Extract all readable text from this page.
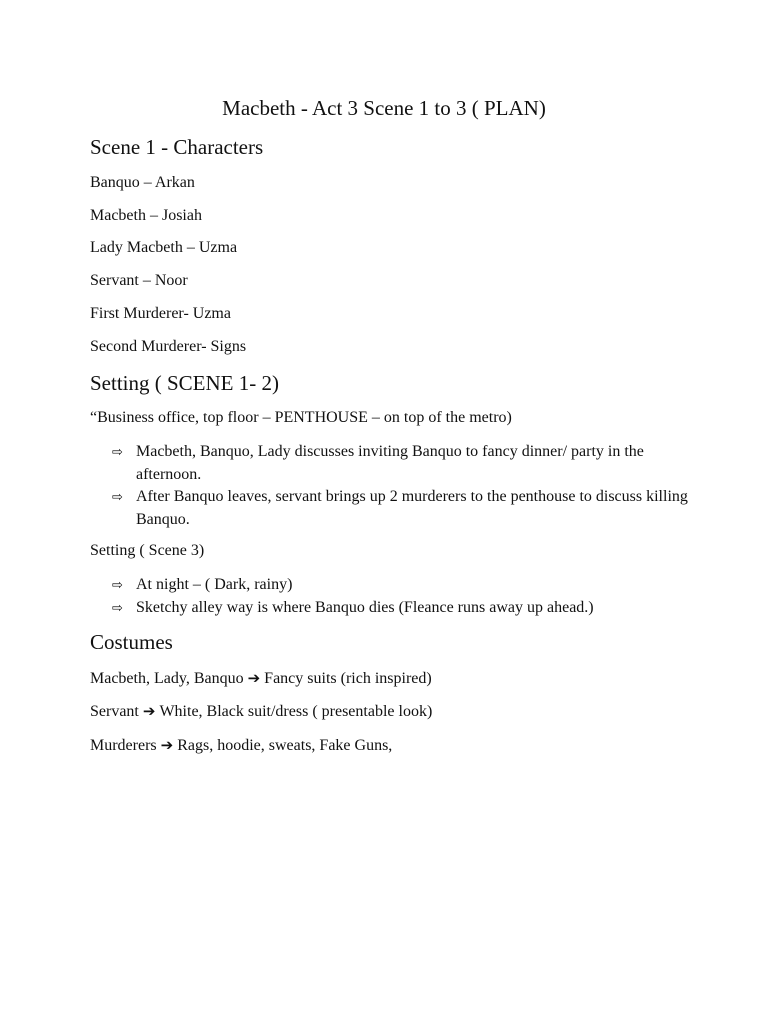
Macbeth - Act 3 Scene 1 to 3 ( PLAN)
Scene 1 - Characters
Banquo – Arkan
Macbeth – Josiah
Lady Macbeth – Uzma
Servant – Noor
First Murderer- Uzma
Second Murderer- Signs
Setting ( SCENE 1- 2)
“Business office, top floor – PENTHOUSE – on top of the metro)
⇨ Macbeth, Banquo, Lady discusses inviting Banquo to fancy dinner/ party in the afternoon.
⇨ After Banquo leaves, servant brings up 2 murderers to the penthouse to discuss killing Banquo.
Setting ( Scene 3)
⇨ At night – ( Dark, rainy)
⇨ Sketchy alley way is where Banquo dies (Fleance runs away up ahead.)
Costumes
Macbeth, Lady, Banquo ➔ Fancy suits (rich inspired)
Servant ➔ White, Black suit/dress ( presentable look)
Murderers ➔ Rags, hoodie, sweats, Fake Guns,
